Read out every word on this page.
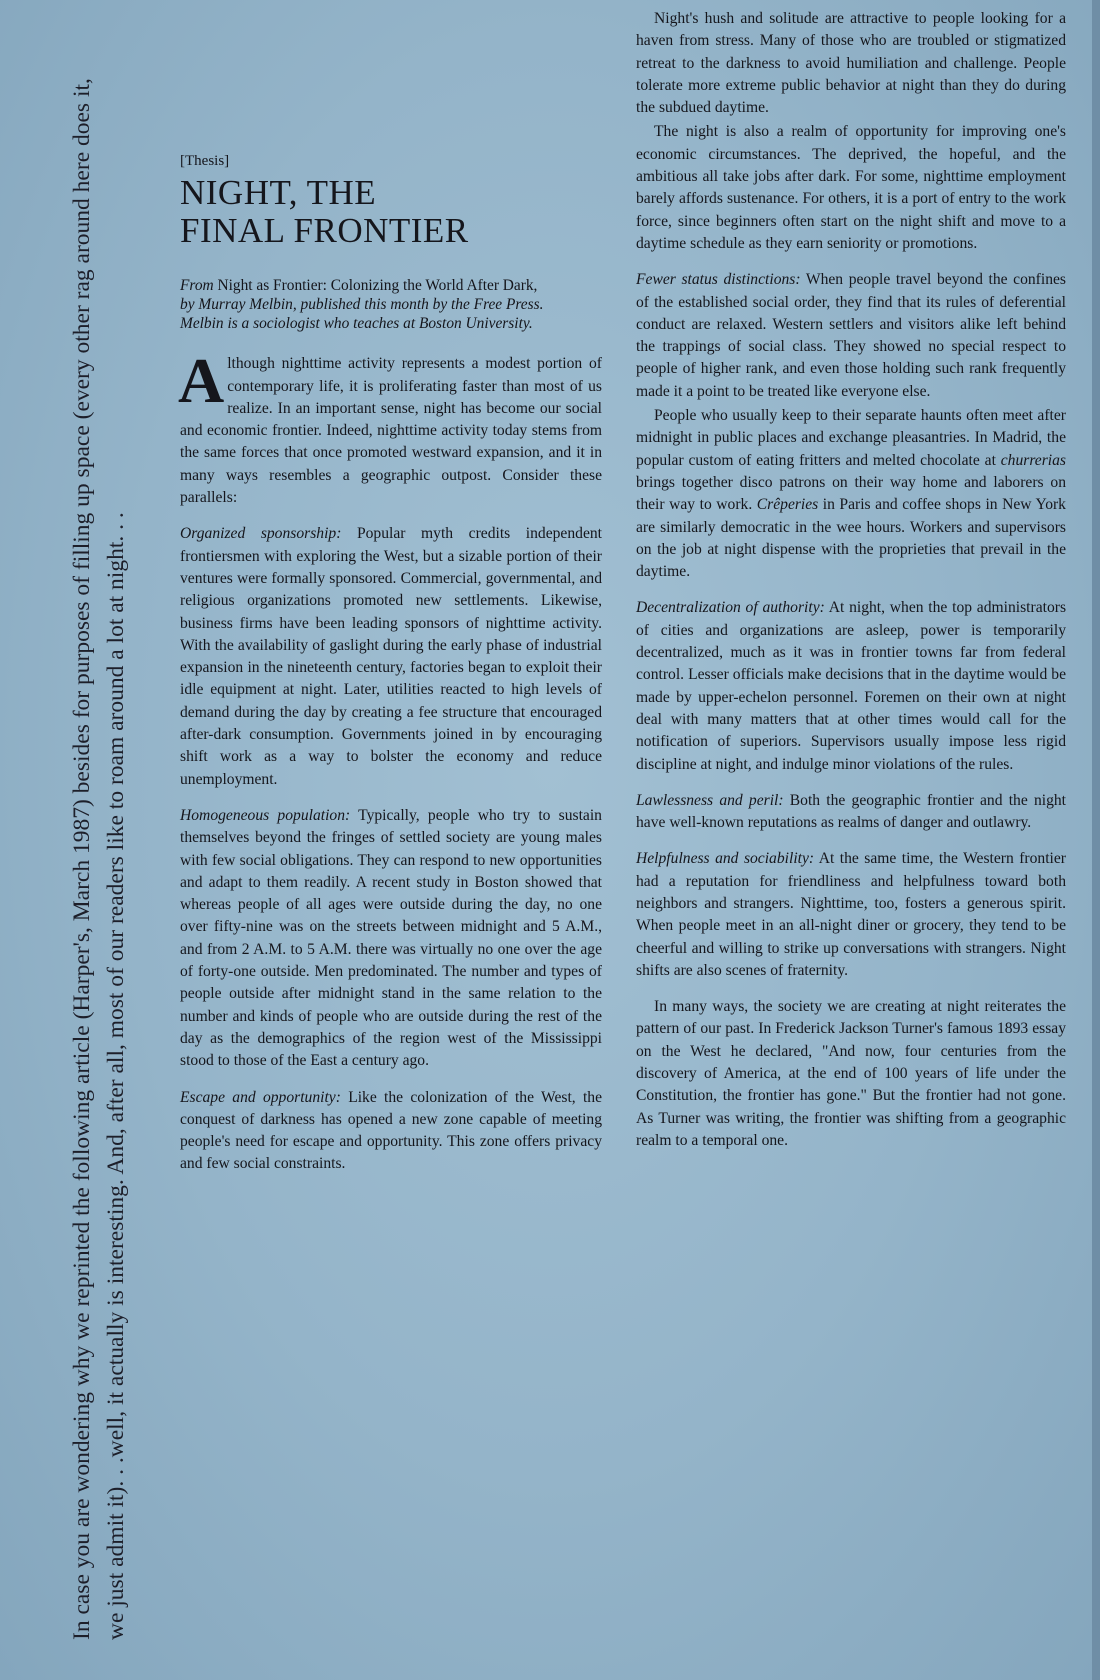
In case you are wondering why we reprinted the following article (Harper's, March 1987) besides for purposes of filling up space (every other rag around here does it, we just admit it). . .well, it actually is interesting. And, after all, most of our readers like to roam around a lot at night. . .

[Thesis]
NIGHT, THE
FINAL FRONTIER

From Night as Frontier: Colonizing the World After Dark, by Murray Melbin, published this month by the Free Press. Melbin is a sociologist who teaches at Boston University.

Although nighttime activity represents a modest portion of contemporary life, it is proliferating faster than most of us realize. In an important sense, night has become our social and economic frontier. Indeed, nighttime activity today stems from the same forces that once promoted westward expansion, and it in many ways resembles a geographic outpost. Consider these parallels:

Organized sponsorship: Popular myth credits independent frontiersmen with exploring the West, but a sizable portion of their ventures were formally sponsored. Commercial, governmental, and religious organizations promoted new settlements. Likewise, business firms have been leading sponsors of nighttime activity. With the availability of gaslight during the early phase of industrial expansion in the nineteenth century, factories began to exploit their idle equipment at night. Later, utilities reacted to high levels of demand during the day by creating a fee structure that encouraged after-dark consumption. Governments joined in by encouraging shift work as a way to bolster the economy and reduce unemployment.

Homogeneous population: Typically, people who try to sustain themselves beyond the fringes of settled society are young males with few social obligations. They can respond to new opportunities and adapt to them readily. A recent study in Boston showed that whereas people of all ages were outside during the day, no one over fifty-nine was on the streets between midnight and 5 A.M., and from 2 A.M. to 5 A.M. there was virtually no one over the age of forty-one outside. Men predominated. The number and types of people outside after midnight stand in the same relation to the number and kinds of people who are outside during the rest of the day as the demographics of the region west of the Mississippi stood to those of the East a century ago.

Escape and opportunity: Like the colonization of the West, the conquest of darkness has opened a new zone capable of meeting people's need for escape and opportunity. This zone offers privacy and few social constraints.

Night's hush and solitude are attractive to people looking for a haven from stress. Many of those who are troubled or stigmatized retreat to the darkness to avoid humiliation and challenge. People tolerate more extreme public behavior at night than they do during the subdued daytime.

The night is also a realm of opportunity for improving one's economic circumstances. The deprived, the hopeful, and the ambitious all take jobs after dark. For some, nighttime employment barely affords sustenance. For others, it is a port of entry to the work force, since beginners often start on the night shift and move to a daytime schedule as they earn seniority or promotions.

Fewer status distinctions: When people travel beyond the confines of the established social order, they find that its rules of deferential conduct are relaxed. Western settlers and visitors alike left behind the trappings of social class. They showed no special respect to people of higher rank, and even those holding such rank frequently made it a point to be treated like everyone else.

People who usually keep to their separate haunts often meet after midnight in public places and exchange pleasantries. In Madrid, the popular custom of eating fritters and melted chocolate at churrerias brings together disco patrons on their way home and laborers on their way to work. Crêperies in Paris and coffee shops in New York are similarly democratic in the wee hours. Workers and supervisors on the job at night dispense with the proprieties that prevail in the daytime.

Decentralization of authority: At night, when the top administrators of cities and organizations are asleep, power is temporarily decentralized, much as it was in frontier towns far from federal control. Lesser officials make decisions that in the daytime would be made by upper-echelon personnel. Foremen on their own at night deal with many matters that at other times would call for the notification of superiors. Supervisors usually impose less rigid discipline at night, and indulge minor violations of the rules.

Lawlessness and peril: Both the geographic frontier and the night have well-known reputations as realms of danger and outlawry.

Helpfulness and sociability: At the same time, the Western frontier had a reputation for friendliness and helpfulness toward both neighbors and strangers. Nighttime, too, fosters a generous spirit. When people meet in an all-night diner or grocery, they tend to be cheerful and willing to strike up conversations with strangers. Night shifts are also scenes of fraternity.

In many ways, the society we are creating at night reiterates the pattern of our past. In Frederick Jackson Turner's famous 1893 essay on the West he declared, "And now, four centuries from the discovery of America, at the end of 100 years of life under the Constitution, the frontier has gone." But the frontier had not gone. As Turner was writing, the frontier was shifting from a geographic realm to a temporal one.
